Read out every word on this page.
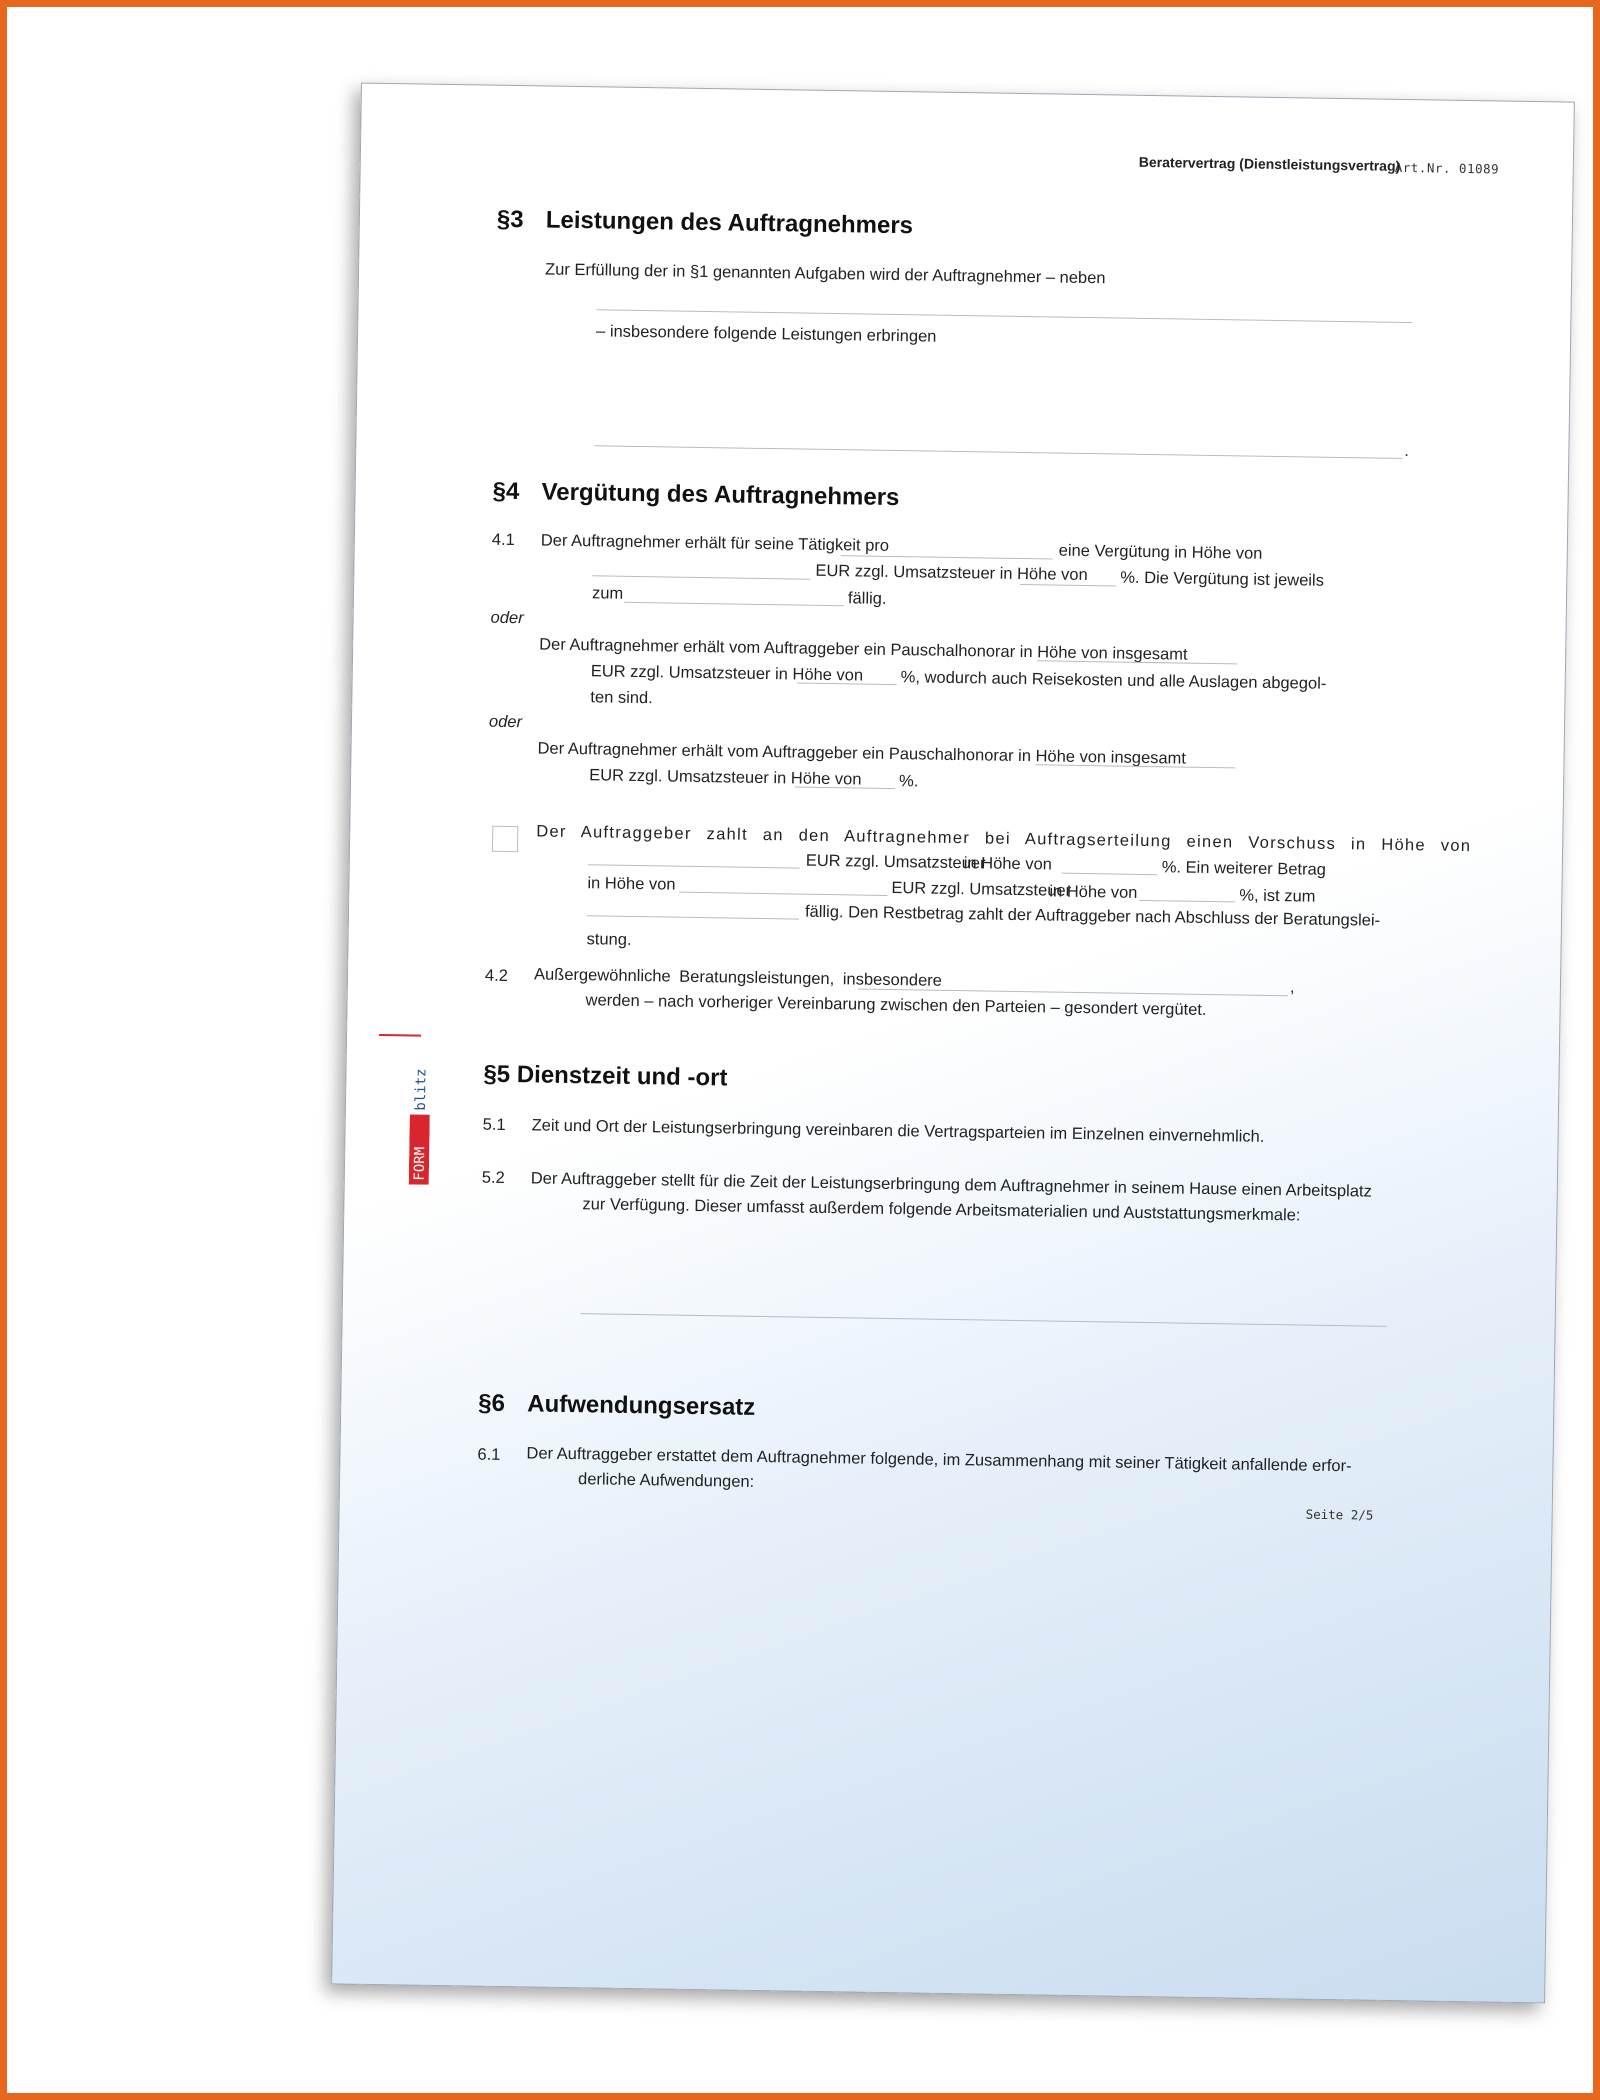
Beratervertrag (Dienstleistungsvertrag)
Art.Nr. 01089
§3 Leistungen des Auftragnehmers
Zur Erfüllung der in §1 genannten Aufgaben wird der Auftragnehmer – neben
– insbesondere folgende Leistungen erbringen
.
§4 Vergütung des Auftragnehmers
4.1 Der Auftragnehmer erhält für seine Tätigkeit pro	eine Vergütung in Höhe von
EUR zzgl. Umsatzsteuer in Höhe von %. Die Vergütung ist jeweils
zum	fällig.
oder
Der Auftragnehmer erhält vom Auftraggeber ein Pauschalhonorar in Höhe von insgesamt
EUR zzgl. Umsatzsteuer in Höhe von %, wodurch auch Reisekosten und alle Auslagen abgegol-
ten sind.
oder
Der Auftragnehmer erhält vom Auftraggeber ein Pauschalhonorar in Höhe von insgesamt
EUR zzgl. Umsatzsteuer in Höhe von %.
Der Auftraggeber zahlt an den Auftragnehmer bei Auftragserteilung einen Vorschuss in Höhe von
EUR zzgl. Umsatzsteuer
in Höhe von	%. Ein weiterer Betrag
in Höhe von	EUR zzgl. Umsatzsteuer
in Höhe von	%, ist zum
fällig. Den Restbetrag zahlt der Auftraggeber nach Abschluss der Beratungslei-
stung.
4.2 Außergewöhnliche Beratungsleistungen, insbesondere	,
werden – nach vorheriger Vereinbarung zwischen den Parteien – gesondert vergütet.
§5 Dienstzeit und -ort
5.1 Zeit und Ort der Leistungserbringung vereinbaren die Vertragsparteien im Einzelnen einvernehmlich.
5.2 Der Auftraggeber stellt für die Zeit der Leistungserbringung dem Auftragnehmer in seinem Hause einen Arbeitsplatz
zur Verfügung. Dieser umfasst außerdem folgende Arbeitsmaterialien und Auststattungsmerkmale:
§6 Aufwendungsersatz
6.1 Der Auftraggeber erstattet dem Auftragnehmer folgende, im Zusammenhang mit seiner Tätigkeit anfallende erfor-
derliche Aufwendungen:
Seite 2/5
FORM
blitz
